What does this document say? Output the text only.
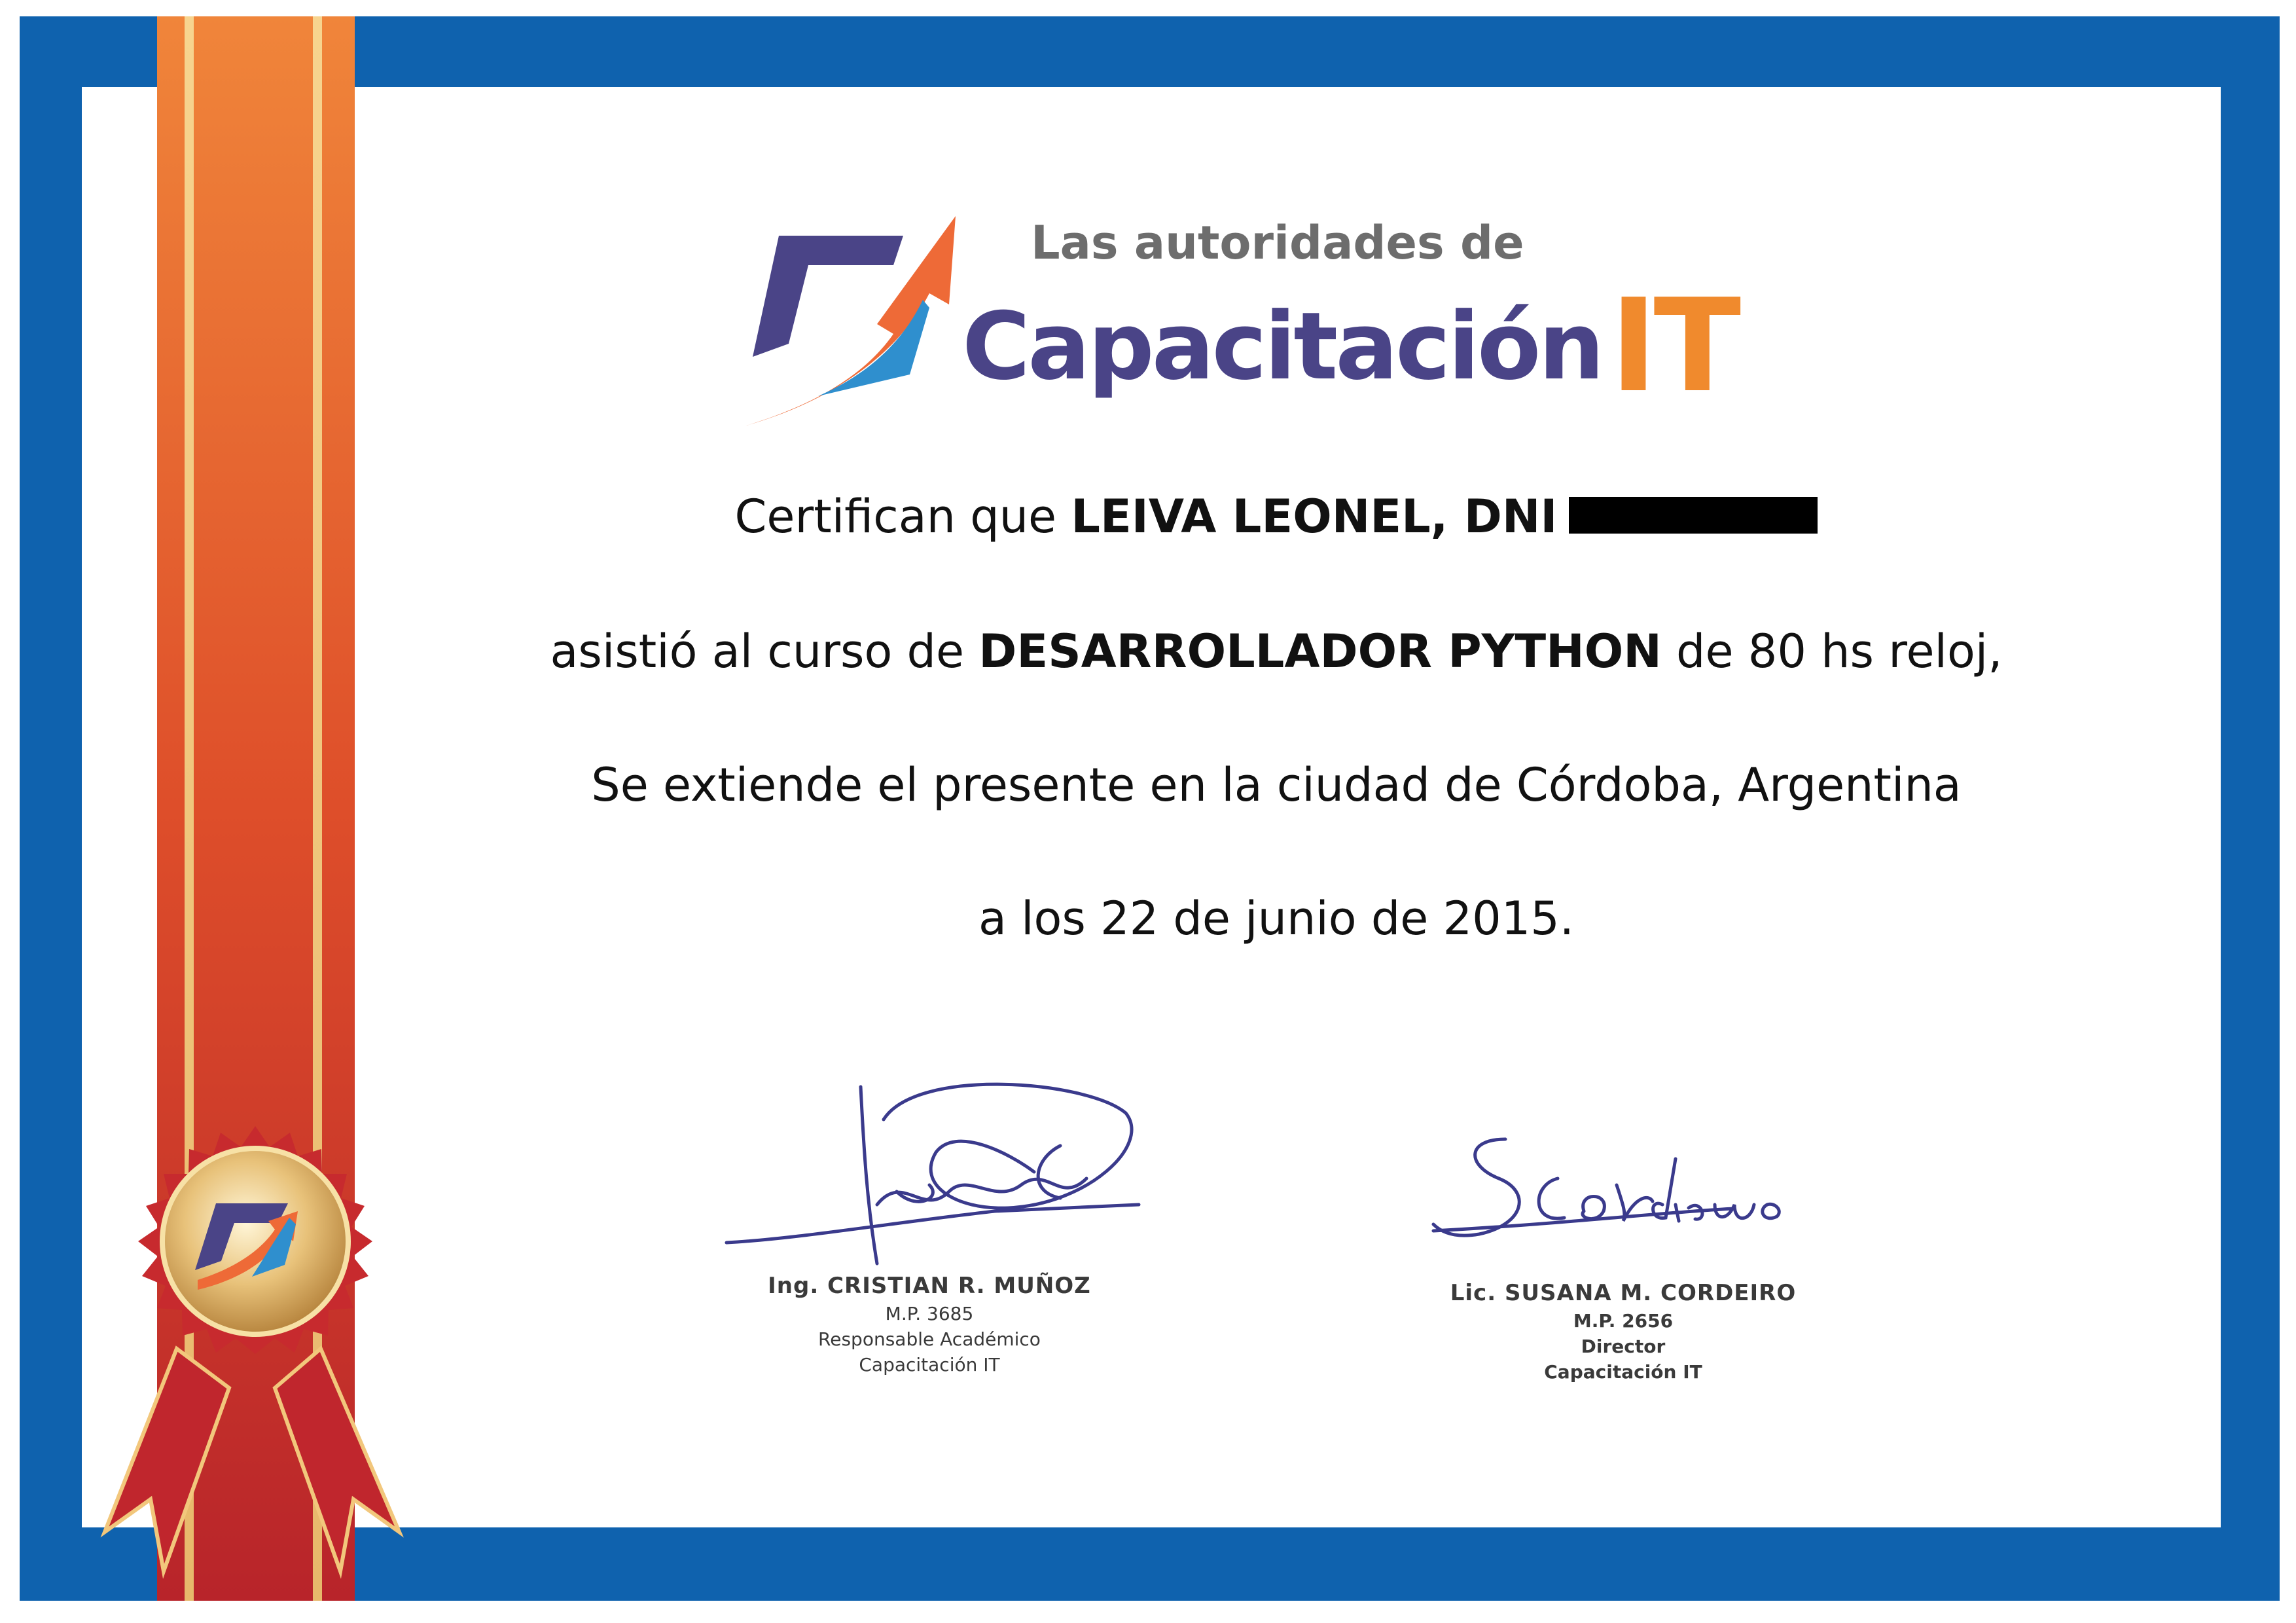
Las autoridades de
CapacitaciónIT
Certifican que LEIVA LEONEL, DNI
asistió al curso de DESARROLLADOR PYTHON de 80 hs reloj,
Se extiende el presente en la ciudad de Córdoba, Argentina
a los 22 de junio de 2015.
Ing. CRISTIAN R. MUÑOZ
M.P. 3685
Responsable Académico
Capacitación IT
Lic. SUSANA M. CORDEIRO
M.P. 2656
Director
Capacitación IT
